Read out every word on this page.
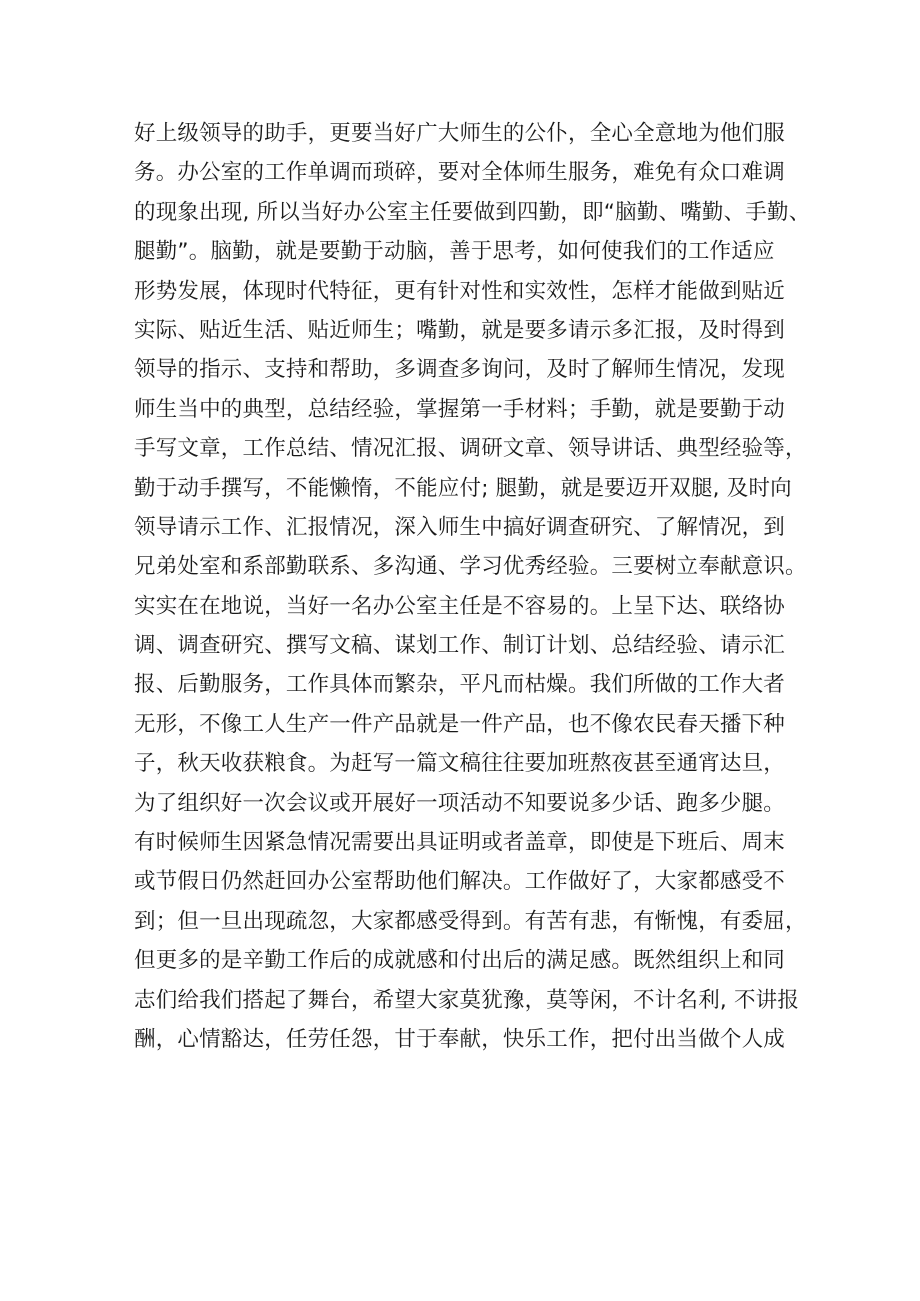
好上级领导的助手，更要当好广大师生的公仆，全心全意地为他们服
务。办公室的工作单调而琐碎，要对全体师生服务，难免有众口难调
的现象出现, 所以当好办公室主任要做到四勤，即“脑勤、嘴勤、手勤、
腿勤”。脑勤，就是要勤于动脑，善于思考，如何使我们的工作适应
形势发展，体现时代特征，更有针对性和实效性，怎样才能做到贴近
实际、贴近生活、贴近师生；嘴勤，就是要多请示多汇报，及时得到
领导的指示、支持和帮助，多调查多询问，及时了解师生情况，发现
师生当中的典型，总结经验，掌握第一手材料；手勤，就是要勤于动
手写文章，工作总结、情况汇报、调研文章、领导讲话、典型经验等，
勤于动手撰写，不能懒惰，不能应付; 腿勤，就是要迈开双腿, 及时向
领导请示工作、汇报情况，深入师生中搞好调查研究、了解情况，到
兄弟处室和系部勤联系、多沟通、学习优秀经验。三要树立奉献意识。
实实在在地说，当好一名办公室主任是不容易的。上呈下达、联络协
调、调查研究、撰写文稿、谋划工作、制订计划、总结经验、请示汇
报、后勤服务，工作具体而繁杂，平凡而枯燥。我们所做的工作大者
无形，不像工人生产一件产品就是一件产品，也不像农民春天播下种
子，秋天收获粮食。为赶写一篇文稿往往要加班熬夜甚至通宵达旦，
为了组织好一次会议或开展好一项活动不知要说多少话、跑多少腿。
有时候师生因紧急情况需要出具证明或者盖章，即使是下班后、周末
或节假日仍然赶回办公室帮助他们解决。工作做好了，大家都感受不
到；但一旦出现疏忽，大家都感受得到。有苦有悲，有惭愧，有委屈，
但更多的是辛勤工作后的成就感和付出后的满足感。既然组织上和同
志们给我们搭起了舞台，希望大家莫犹豫，莫等闲，不计名利, 不讲报
酬，心情豁达，任劳任怨，甘于奉献，快乐工作，把付出当做个人成
